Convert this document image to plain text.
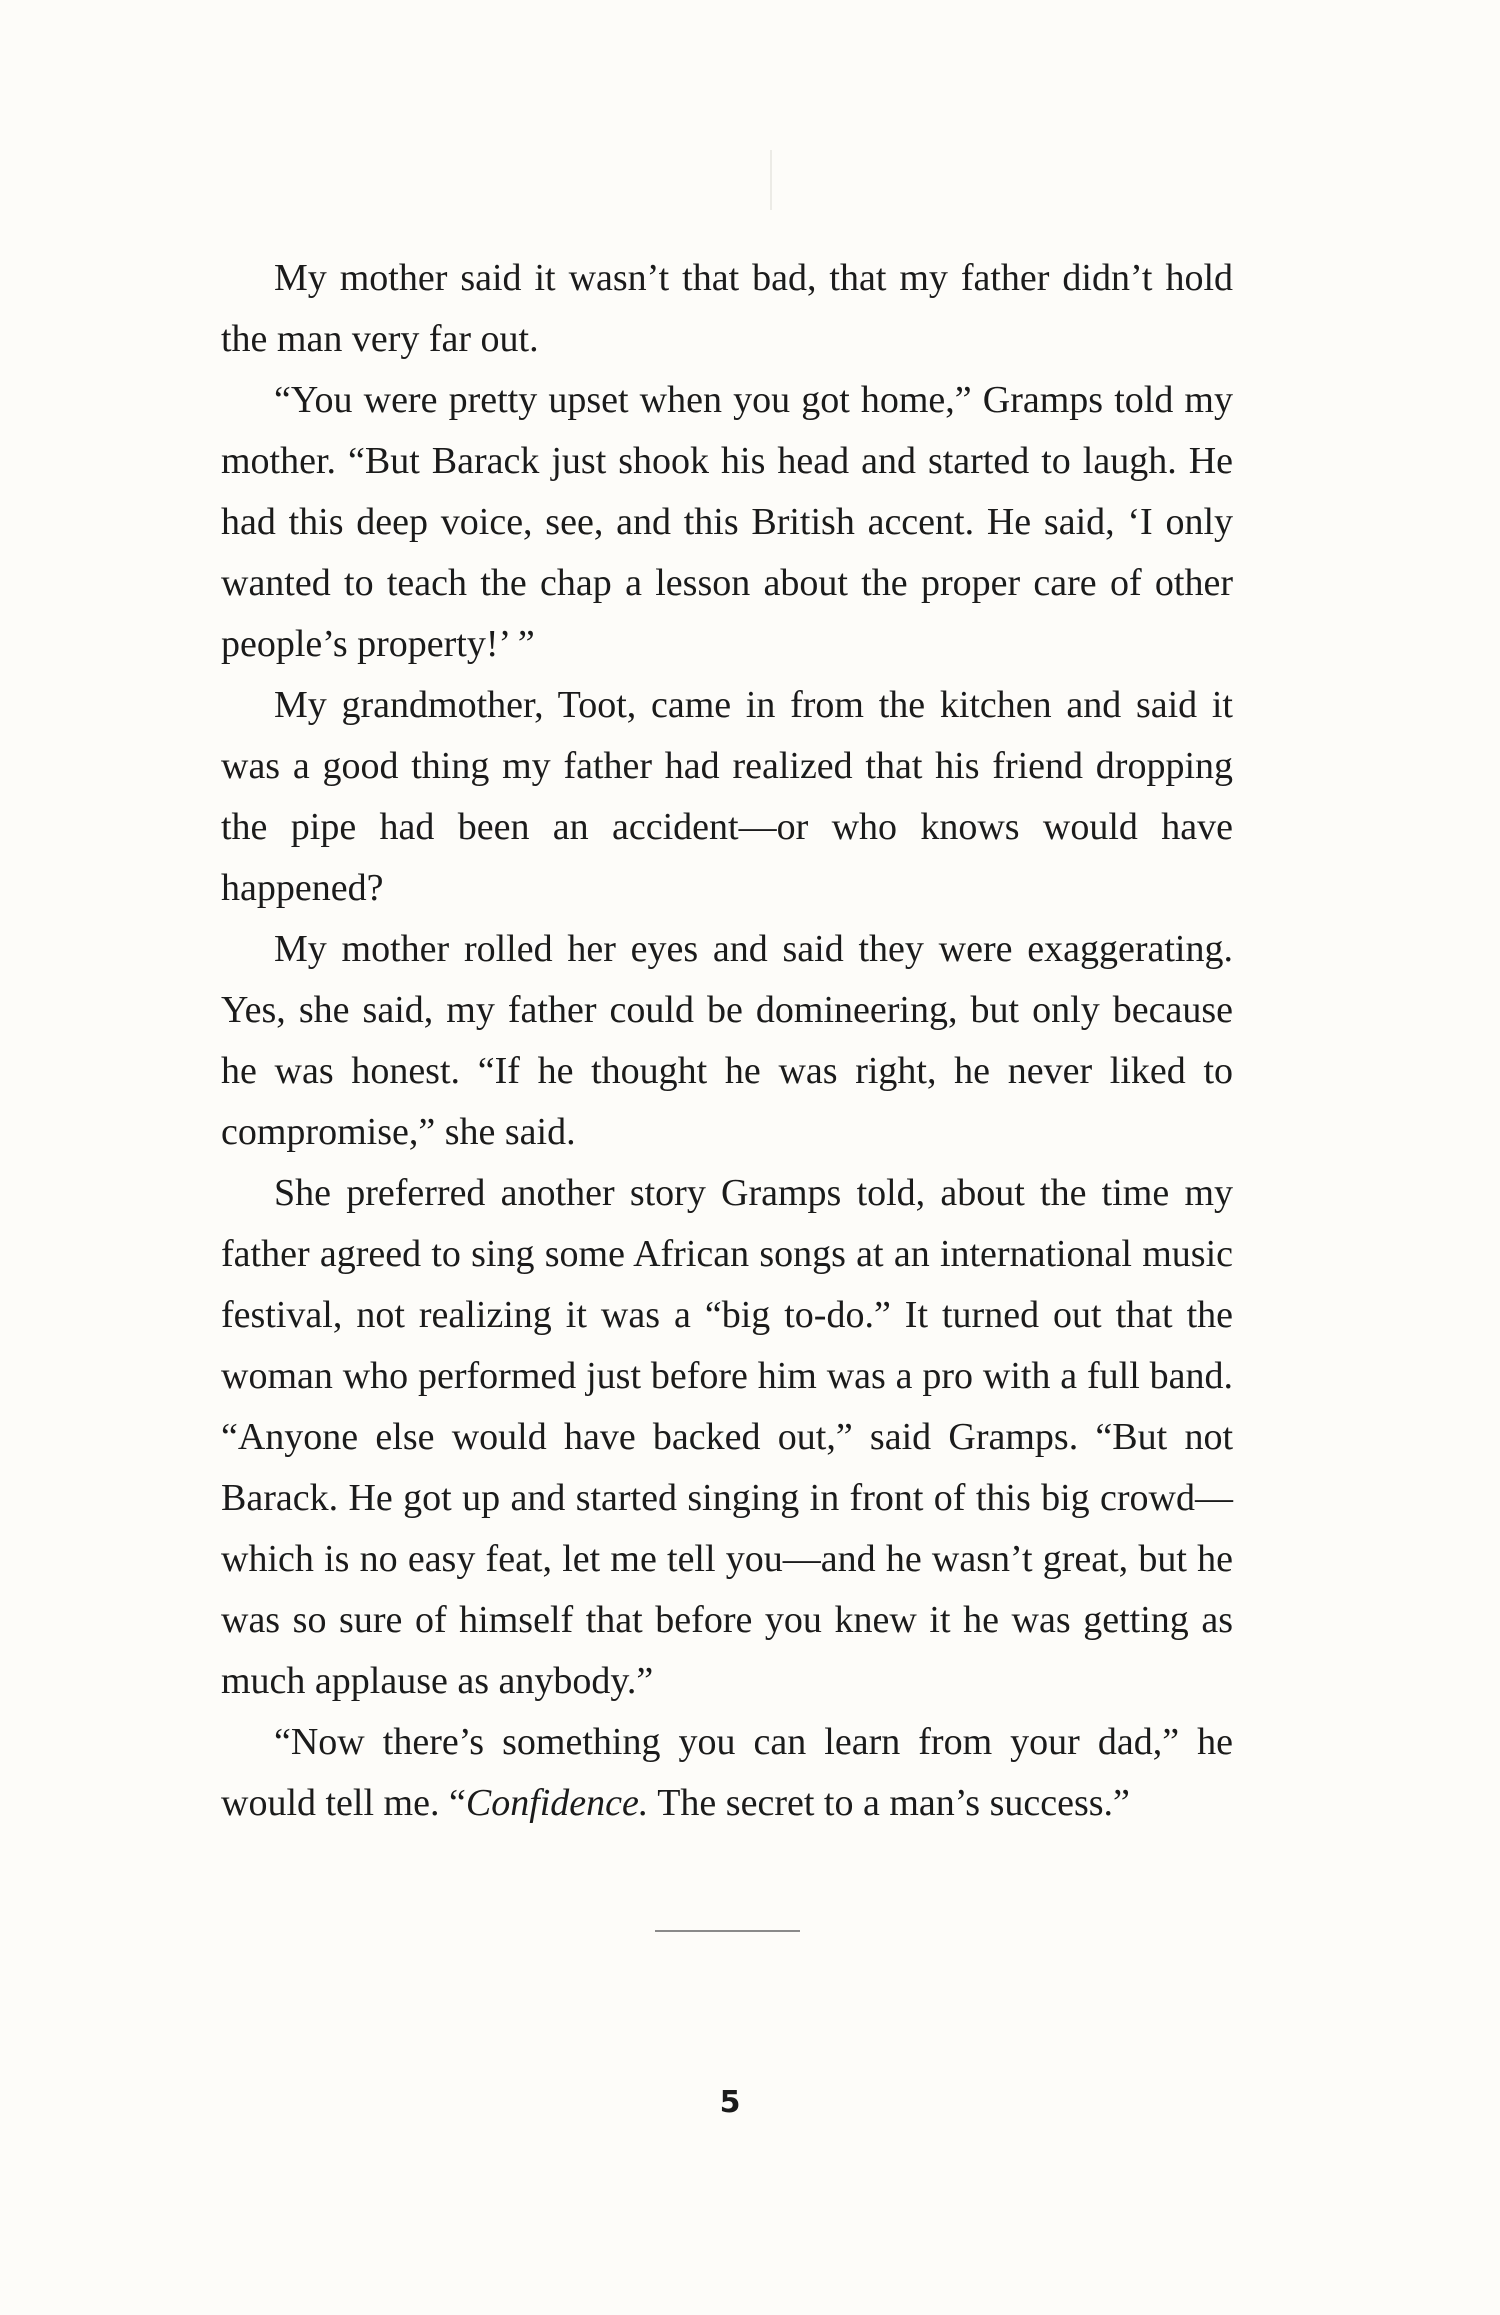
My mother said it wasn’t that bad, that my father didn’t hold the man very far out.

“You were pretty upset when you got home,” Gramps told my mother. “But Barack just shook his head and started to laugh. He had this deep voice, see, and this British accent. He said, ‘I only wanted to teach the chap a lesson about the proper care of other people’s property!’ ”

My grandmother, Toot, came in from the kitchen and said it was a good thing my father had realized that his friend dropping the pipe had been an accident—or who knows would have happened?

My mother rolled her eyes and said they were exaggerating. Yes, she said, my father could be domineering, but only because he was honest. “If he thought he was right, he never liked to compromise,” she said.

She preferred another story Gramps told, about the time my father agreed to sing some African songs at an international music festival, not realizing it was a “big to-do.” It turned out that the woman who performed just before him was a pro with a full band. “Anyone else would have backed out,” said Gramps. “But not Barack. He got up and started singing in front of this big crowd—which is no easy feat, let me tell you—and he wasn’t great, but he was so sure of himself that before you knew it he was getting as much applause as anybody.”

“Now there’s something you can learn from your dad,” he would tell me. “Confidence. The secret to a man’s success.”

5
